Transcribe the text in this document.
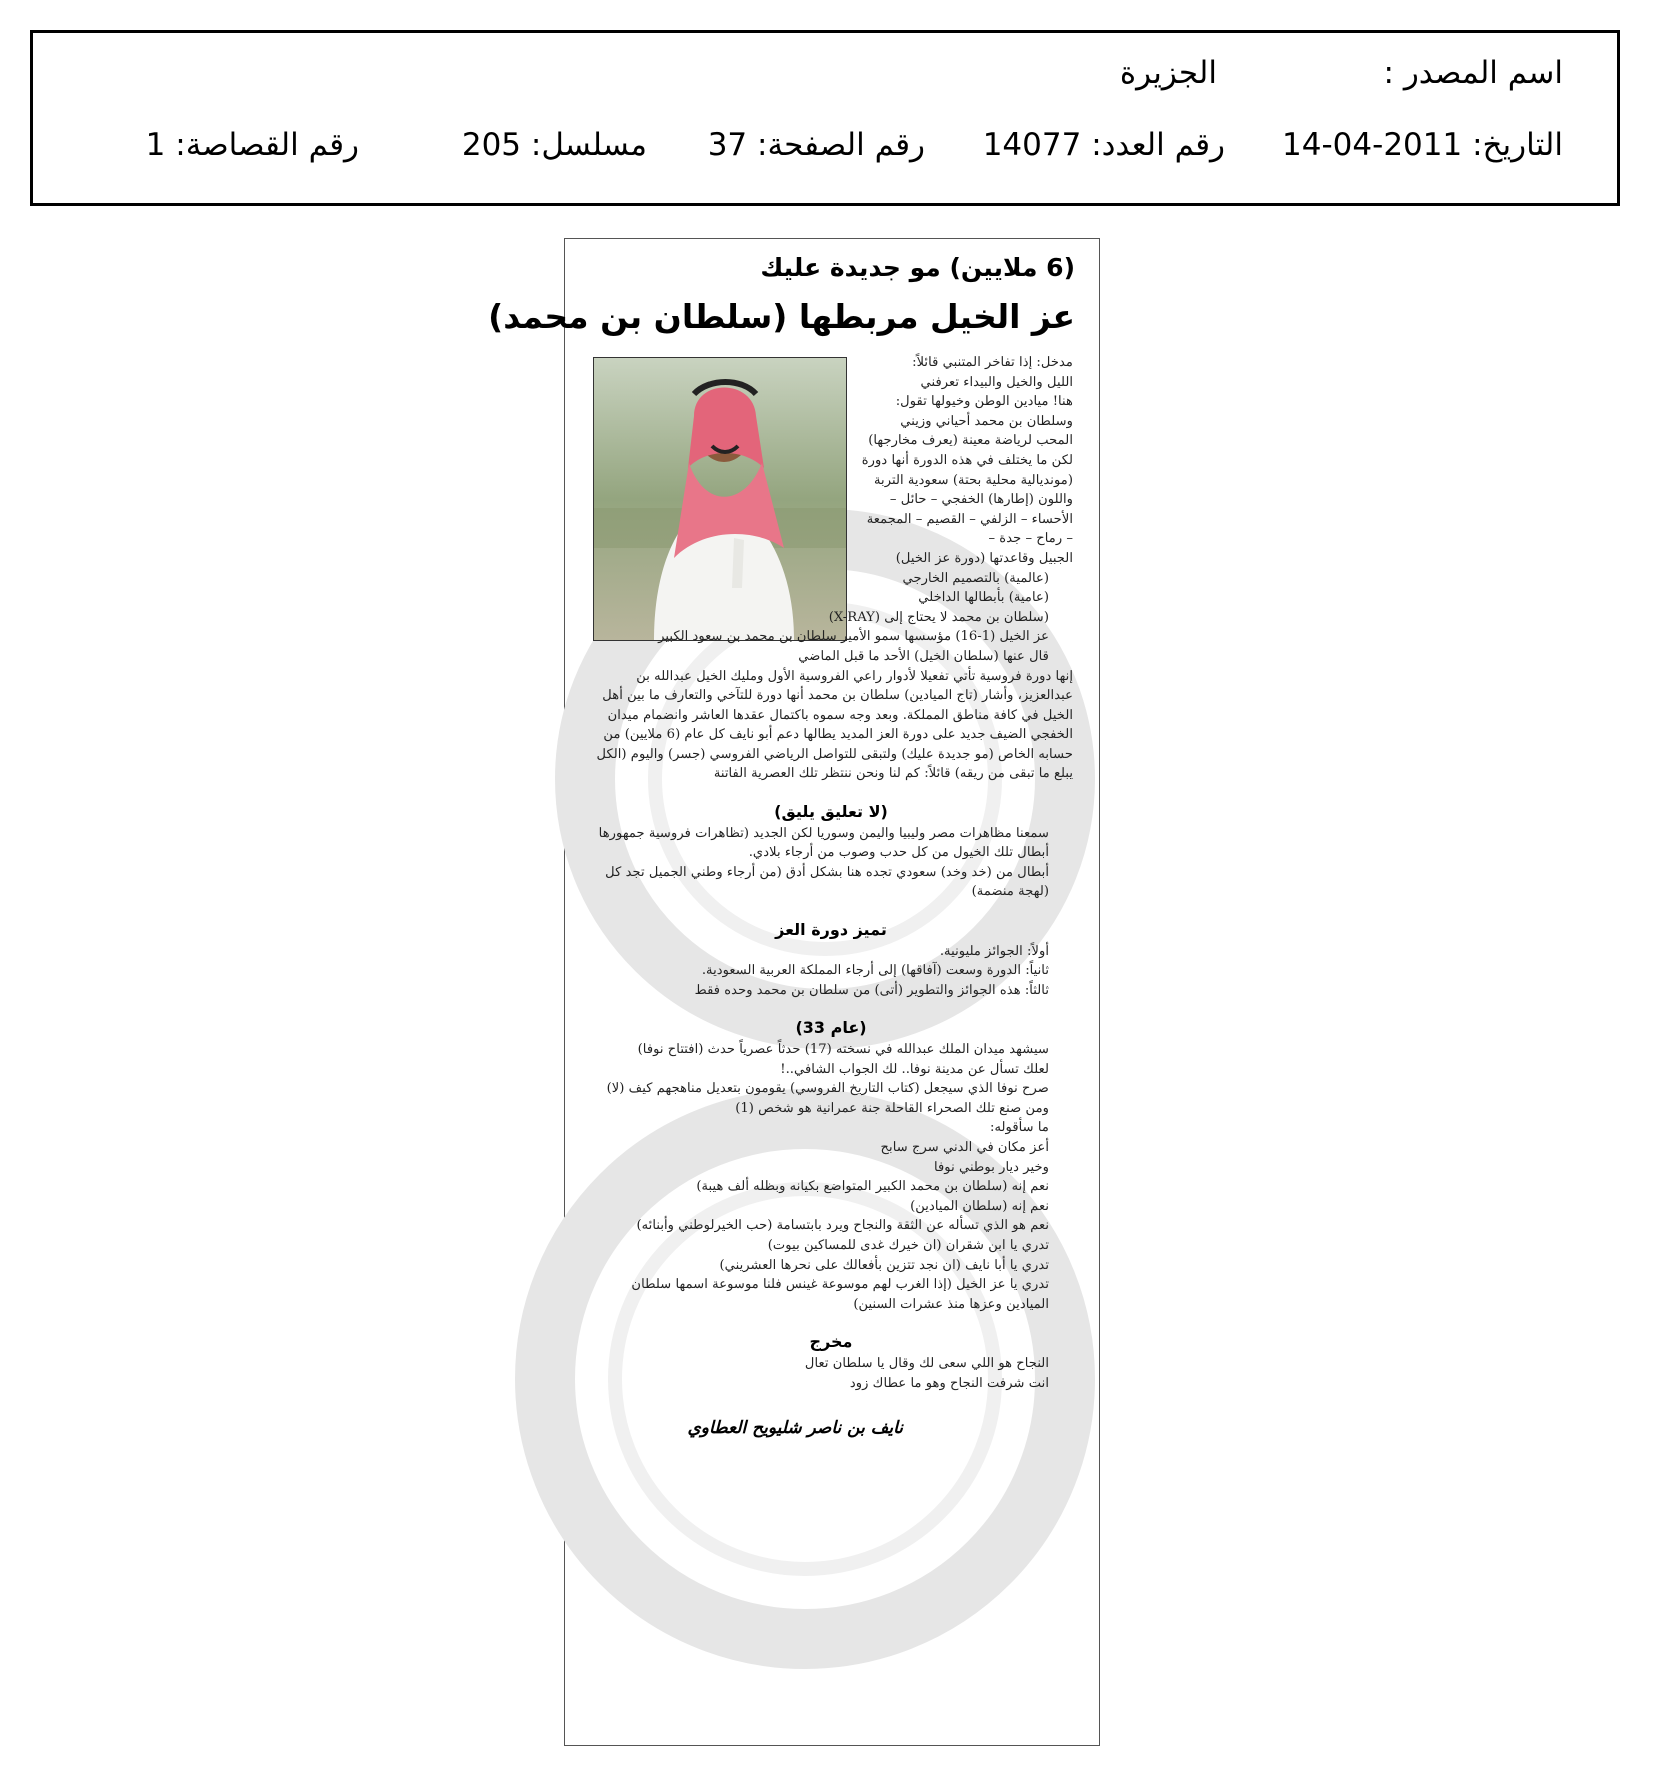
اسم المصدر :
الجزيرة
التاريخ: 2011-04-14
رقم العدد: 14077
رقم الصفحة: 37
مسلسل: 205
رقم القصاصة: 1
(6 ملايين) مو جديدة عليك
عز الخيل مربطها (سلطان بن محمد)

مدخل: إذا تفاخر المتنبي قائلاً:

الليل والخيل والبيداء تعرفني

هنا! ميادين الوطن وخيولها تقول:

وسلطان بن محمد أحياني وزيني

المحب لرياضة معينة (يعرف مخارجها) لكن ما يختلف في هذه الدورة أنها دورة (مونديالية محلية بحتة) سعودية التربة واللون (إطارها) الخفجي – حائل – الأحساء – الزلفي – القصيم – المجمعة – رماح – جدة –

الجبيل وقاعدتها (دورة عز الخيل)

(عالمية) بالتصميم الخارجي

(عامية) بأبطالها الداخلي

(سلطان بن محمد لا يحتاج إلى (X-RAY)

عز الخيل (1-16) مؤسسها سمو الأمير سلطان بن محمد بن سعود الكبير

قال عنها (سلطان الخيل) الأحد ما قبل الماضي

إنها دورة فروسية تأتي تفعيلا لأدوار راعي الفروسية الأول ومليك الخيل عبدالله بن عبدالعزيز، وأشار (تاج الميادين) سلطان بن محمد أنها دورة للتآخي والتعارف ما بين أهل الخيل في كافة مناطق المملكة. وبعد وجه سموه باكتمال عقدها العاشر وانضمام ميدان الخفجي الضيف جديد على دورة العز المديد يطالها دعم أبو نايف كل عام (6 ملايين) من حسابه الخاص (مو جديدة عليك) ولتبقى للتواصل الرياضي الفروسي (جسر) واليوم (الكل يبلع ما تبقى من ريقه) قائلاً: كم لنا ونحن ننتظر تلك العصرية الفاتنة

(لا تعليق يليق)

سمعنا مظاهرات مصر وليبيا واليمن وسوريا لكن الجديد (تظاهرات فروسية جمهورها أبطال تلك الخيول من كل حدب وصوب من أرجاء بلادي.

أبطال من (خد وخد) سعودي تجده هنا بشكل أدق (من أرجاء وطني الجميل تجد كل (لهجة منضمة)

تميز دورة العز

أولاً: الجوائز مليونية.

ثانياً: الدورة وسعت (آفاقها) إلى أرجاء المملكة العربية السعودية.

ثالثاً: هذه الجوائز والتطوير (أتى) من سلطان بن محمد وحده فقط

(عام 33)

سيشهد ميدان الملك عبدالله في نسخته (17) حدثاً عصرياً حدث (افتتاح نوفا)

لعلك تسأل عن مدينة نوفا.. لك الجواب الشافي..!

صرح نوفا الذي سيجعل (كتاب التاريخ الفروسي) يقومون بتعديل مناهجهم كيف (لا) ومن صنع تلك الصحراء القاحلة جنة عمرانية هو شخص (1)

ما سأقوله:

أعز مكان في الدني سرج سابح

وخير ديار بوطني نوفا

نعم إنه (سلطان بن محمد الكبير المتواضع بكيانه وبظله ألف هيبة)

نعم إنه (سلطان الميادين)

نعم هو الذي تسأله عن الثقة والنجاح ويرد بابتسامة (حب الخيرلوطني وأبنائه)

تدري يا ابن شقران (ان خيرك غدى للمساكين بيوت)

تدري يا أبا نايف (ان نجد تتزين بأفعالك على نحرها العشريني)

تدري يا عز الخيل (إذا الغرب لهم موسوعة غينس فلنا موسوعة اسمها سلطان الميادين وعزها منذ عشرات السنين)

مخرج

النجاح هو اللي سعى لك وقال يا سلطان تعال

انت شرفت النجاح وهو ما عطاك زود

نايف بن ناصر شليويح العطاوي
